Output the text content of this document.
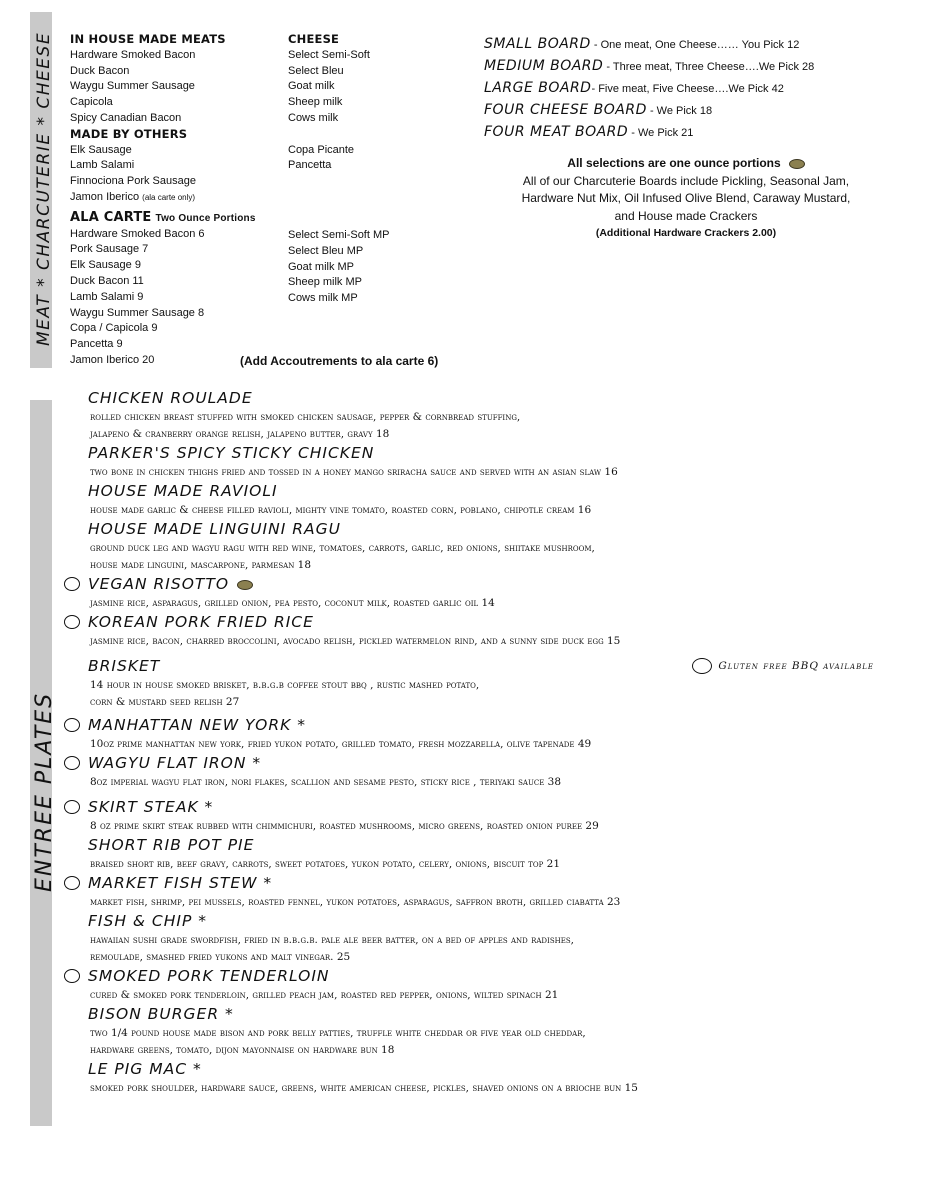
MEAT * CHARCUTERIE * CHEESE
ENTREE PLATES
IN HOUSE MADE MEATS
Hardware Smoked Bacon
Duck Bacon
Waygu Summer Sausage
Capicola
Spicy Canadian Bacon
MADE BY OTHERS
Elk Sausage
Lamb Salami
Finnociona Pork Sausage
Jamon Iberico (ala carte only)
ALA CARTE Two Ounce Portions
Hardware Smoked Bacon 6
Pork Sausage 7
Elk Sausage 9
Duck Bacon 11
Lamb Salami 9
Waygu Summer Sausage 8
Copa / Capicola 9
Pancetta 9
Jamon Iberico 20
CHEESE
Select Semi-Soft
Select Bleu
Goat milk
Sheep milk
Cows milk
Copa Picante
Pancetta
Select Semi-Soft MP
Select Bleu MP
Goat milk MP
Sheep milk MP
Cows milk MP
(Add Accoutrements to ala carte 6)
SMALL BOARD - One meat, One Cheese…… You Pick 12
MEDIUM BOARD - Three meat, Three Cheese….We Pick 28
LARGE BOARD- Five meat, Five Cheese….We Pick 42
FOUR CHEESE BOARD - We Pick 18
FOUR MEAT BOARD - We Pick 21
All selections are one ounce portions
All of our Charcuterie Boards include Pickling, Seasonal Jam,
Hardware Nut Mix, Oil Infused Olive Blend, Caraway Mustard,
and House made Crackers
(Additional Hardware Crackers 2.00)
CHICKEN ROULADE
rolled chicken breast stuffed with smoked chicken sausage, pepper & cornbread stuffing,
jalapeno & cranberry orange relish, jalapeno butter, gravy 18
PARKER'S SPICY STICKY CHICKEN
two bone in chicken thighs fried and tossed in a honey mango sriracha sauce and served with an asian slaw 16
HOUSE MADE RAVIOLI
house made garlic & cheese filled ravioli, mighty vine tomato, roasted corn, poblano, chipotle cream 16
HOUSE MADE LINGUINI RAGU
ground duck leg and wagyu ragu with red wine, tomatoes, carrots, garlic, red onions, shiitake mushroom,
house made linguini, mascarpone, parmesan 18
VEGAN RISOTTO
jasmine rice, asparagus, grilled onion, pea pesto, coconut milk, roasted garlic oil 14
KOREAN PORK FRIED RICE
jasmine rice, bacon, charred broccolini, avocado relish, pickled watermelon rind, and a sunny side duck egg 15
BRISKET	Gluten free BBQ available
14 hour in house smoked brisket, b.b.g.b coffee stout bbq , rustic mashed potato,
corn & mustard seed relish 27
MANHATTAN NEW YORK *
10oz prime manhattan new york, fried yukon potato, grilled tomato, fresh mozzarella, olive tapenade 49
WAGYU FLAT IRON *
8oz imperial wagyu flat iron, nori flakes, scallion and sesame pesto, sticky rice , teriyaki sauce 38
SKIRT STEAK *
8 oz prime skirt steak rubbed with chimmichuri, roasted mushrooms, micro greens, roasted onion puree 29
SHORT RIB POT PIE
braised short rib, beef gravy, carrots, sweet potatoes, yukon potato, celery, onions, biscuit top 21
MARKET FISH STEW *
market fish, shrimp, pei mussels, roasted fennel, yukon potatoes, asparagus, saffron broth, grilled ciabatta 23
FISH & CHIP *
hawaiian sushi grade swordfish, fried in b.b.g.b. pale ale beer batter, on a bed of apples and radishes,
remoulade, smashed fried yukons and malt vinegar. 25
SMOKED PORK TENDERLOIN
cured & smoked pork tenderloin, grilled peach jam, roasted red pepper, onions, wilted spinach 21
BISON BURGER *
two 1/4 pound house made bison and pork belly patties, truffle white cheddar or five year old cheddar,
hardware greens, tomato, dijon mayonnaise on hardware bun 18
LE PIG MAC *
smoked pork shoulder, hardware sauce, greens, white american cheese, pickles, shaved onions on a brioche bun 15
